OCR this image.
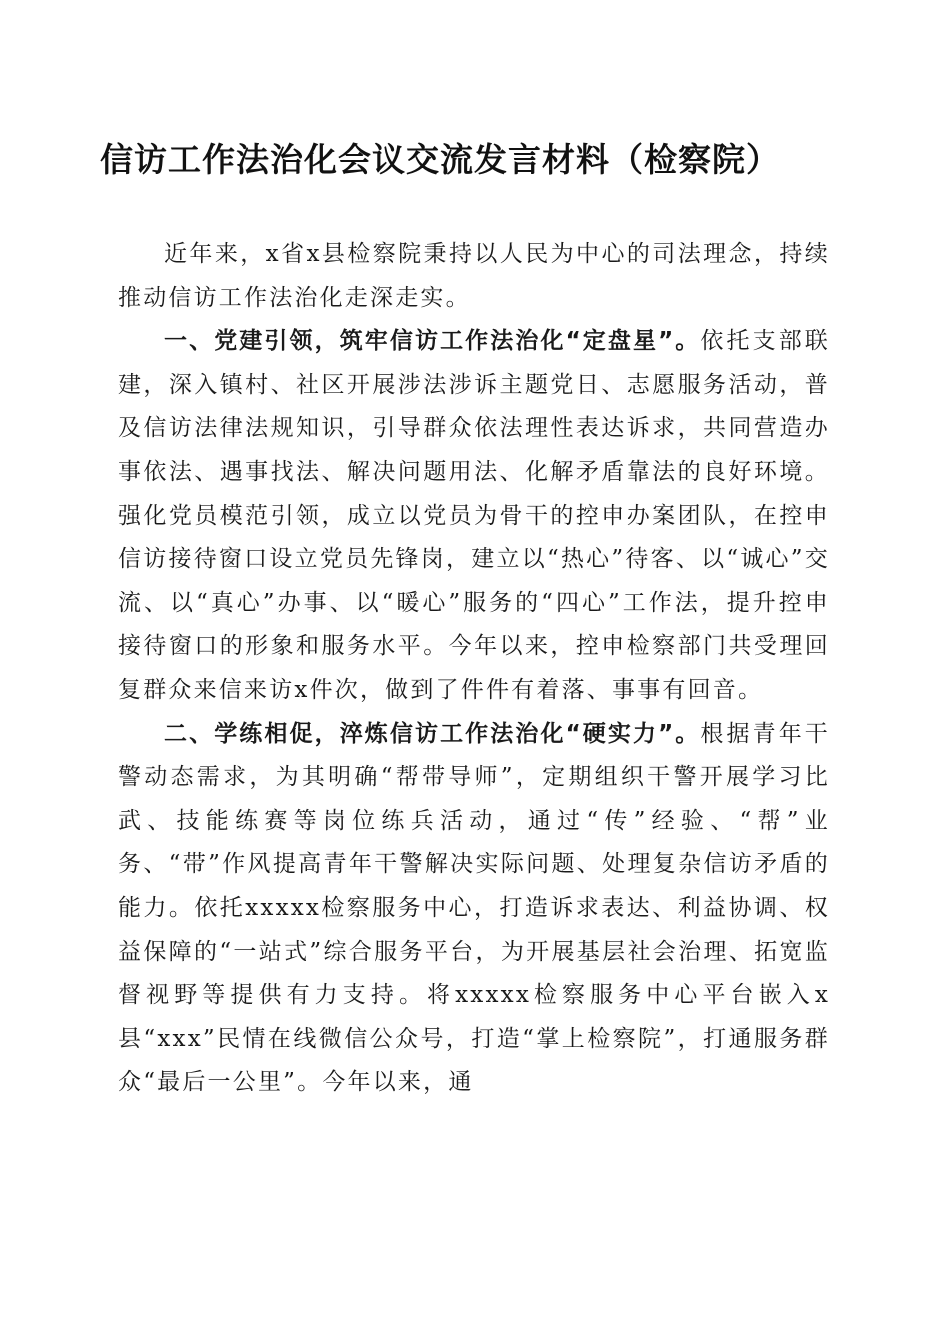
信访工作法治化会议交流发言材料（检察院）

近年来，x省x县检察院秉持以人民为中心的司法理念，持续推动信访工作法治化走深走实。

一、党建引领，筑牢信访工作法治化“定盘星”。依托支部联建，深入镇村、社区开展涉法涉诉主题党日、志愿服务活动，普及信访法律法规知识，引导群众依法理性表达诉求，共同营造办事依法、遇事找法、解决问题用法、化解矛盾靠法的良好环境。强化党员模范引领，成立以党员为骨干的控申办案团队，在控申信访接待窗口设立党员先锋岗，建立以“热心”待客、以“诚心”交流、以“真心”办事、以“暖心”服务的“四心”工作法，提升控申接待窗口的形象和服务水平。今年以来，控申检察部门共受理回复群众来信来访x件次，做到了件件有着落、事事有回音。

二、学练相促，淬炼信访工作法治化“硬实力”。根据青年干警动态需求，为其明确“帮带导师”，定期组织干警开展学习比武、技能练赛等岗位练兵活动，通过“传”经验、“帮”业务、“带”作风提高青年干警解决实际问题、处理复杂信访矛盾的能力。依托xxxxx检察服务中心，打造诉求表达、利益协调、权益保障的“一站式”综合服务平台，为开展基层社会治理、拓宽监督视野等提供有力支持。将xxxxx检察服务中心平台嵌入x县“xxx”民情在线微信公众号，打造“掌上检察院”，打通服务群众“最后一公里”。今年以来，通
